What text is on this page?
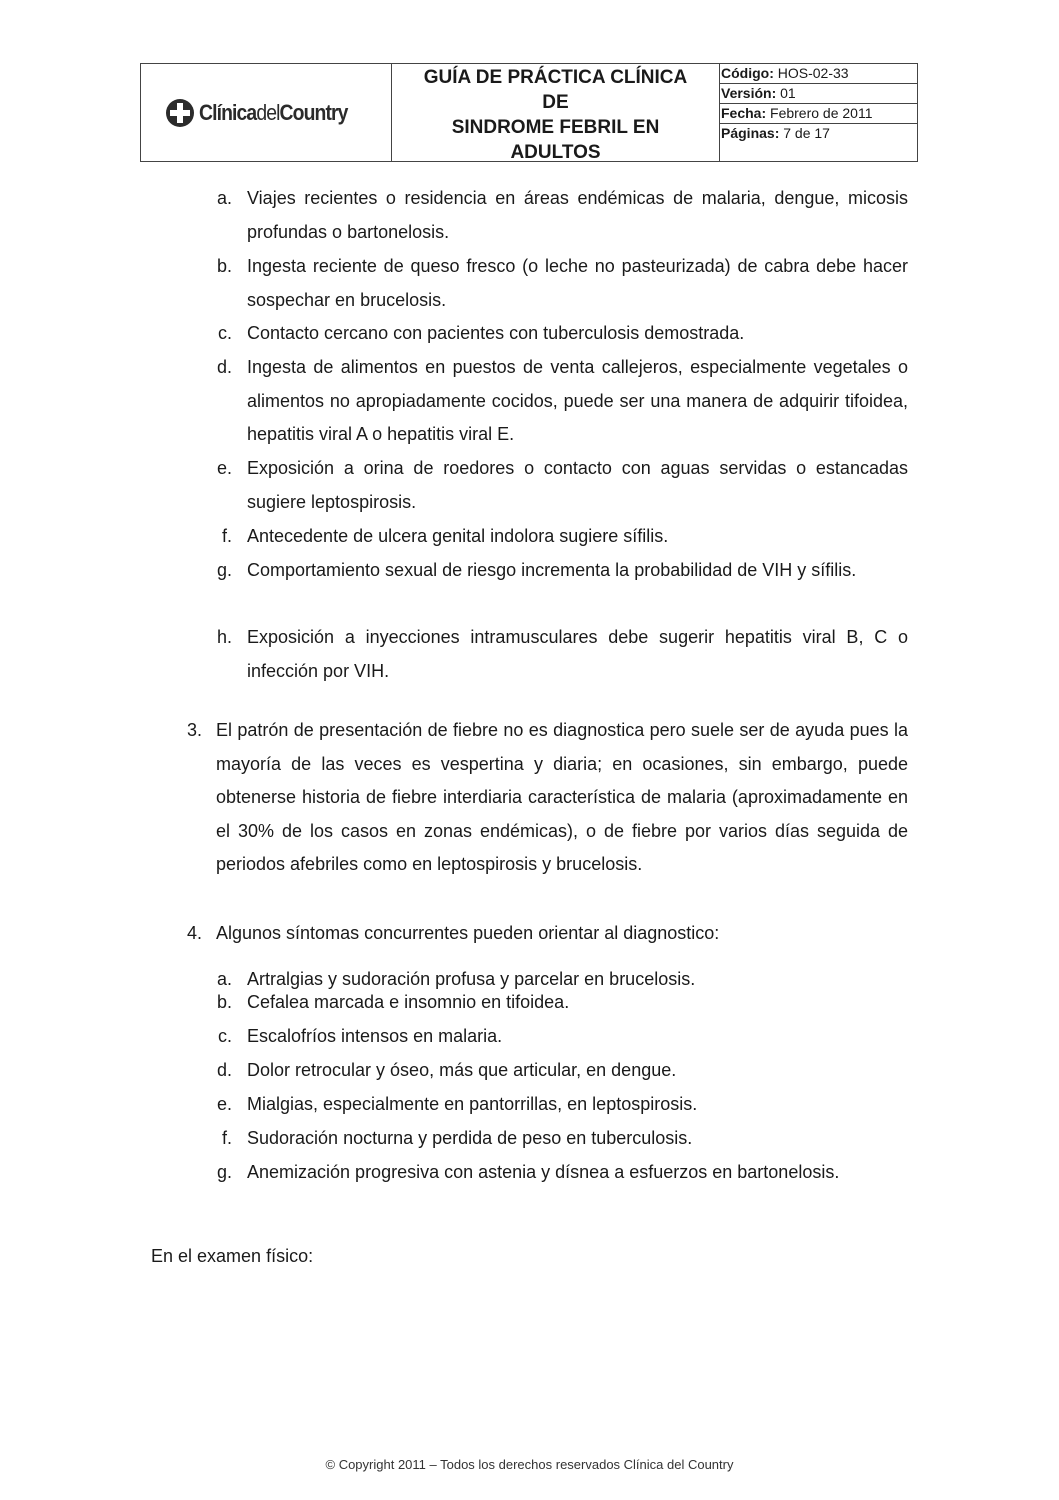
ClínicadelCountry
GUÍA DE PRÁCTICA CLÍNICA
DE
SINDROME FEBRIL EN
ADULTOS
Código: HOS-02-33
Versión: 01
Fecha: Febrero de 2011
Páginas: 7 de 17
a. Viajes recientes o residencia en áreas endémicas de malaria, dengue, micosis profundas o bartonelosis.
b. Ingesta reciente de queso fresco (o leche no pasteurizada) de cabra debe hacer sospechar en brucelosis.
c. Contacto cercano con pacientes con tuberculosis demostrada.
d. Ingesta de alimentos en puestos de venta callejeros, especialmente vegetales o alimentos no apropiadamente cocidos, puede ser una manera de adquirir tifoidea, hepatitis viral A o hepatitis viral E.
e. Exposición a orina de roedores o contacto con aguas servidas o estancadas sugiere leptospirosis.
f. Antecedente de ulcera genital indolora sugiere sífilis.
g. Comportamiento sexual de riesgo incrementa la probabilidad de VIH y sífilis.
h. Exposición a inyecciones intramusculares debe sugerir hepatitis viral B, C o infección por VIH.
3. El patrón de presentación de fiebre no es diagnostica pero suele ser de ayuda pues la mayoría de las veces es vespertina y diaria; en ocasiones, sin embargo, puede obtenerse historia de fiebre interdiaria característica de malaria (aproximadamente en el 30% de los casos en zonas endémicas), o de fiebre por varios días seguida de periodos afebriles como en leptospirosis y brucelosis.
4. Algunos síntomas concurrentes pueden orientar al diagnostico:
a. Artralgias y sudoración profusa y parcelar en brucelosis.
b. Cefalea marcada e insomnio en tifoidea.
c. Escalofríos intensos en malaria.
d. Dolor retrocular y óseo, más que articular, en dengue.
e. Mialgias, especialmente en pantorrillas, en leptospirosis.
f. Sudoración nocturna y perdida de peso en tuberculosis.
g. Anemización progresiva con astenia y dísnea a esfuerzos en bartonelosis.
En el examen físico:
© Copyright 2011 – Todos los derechos reservados Clínica del Country
